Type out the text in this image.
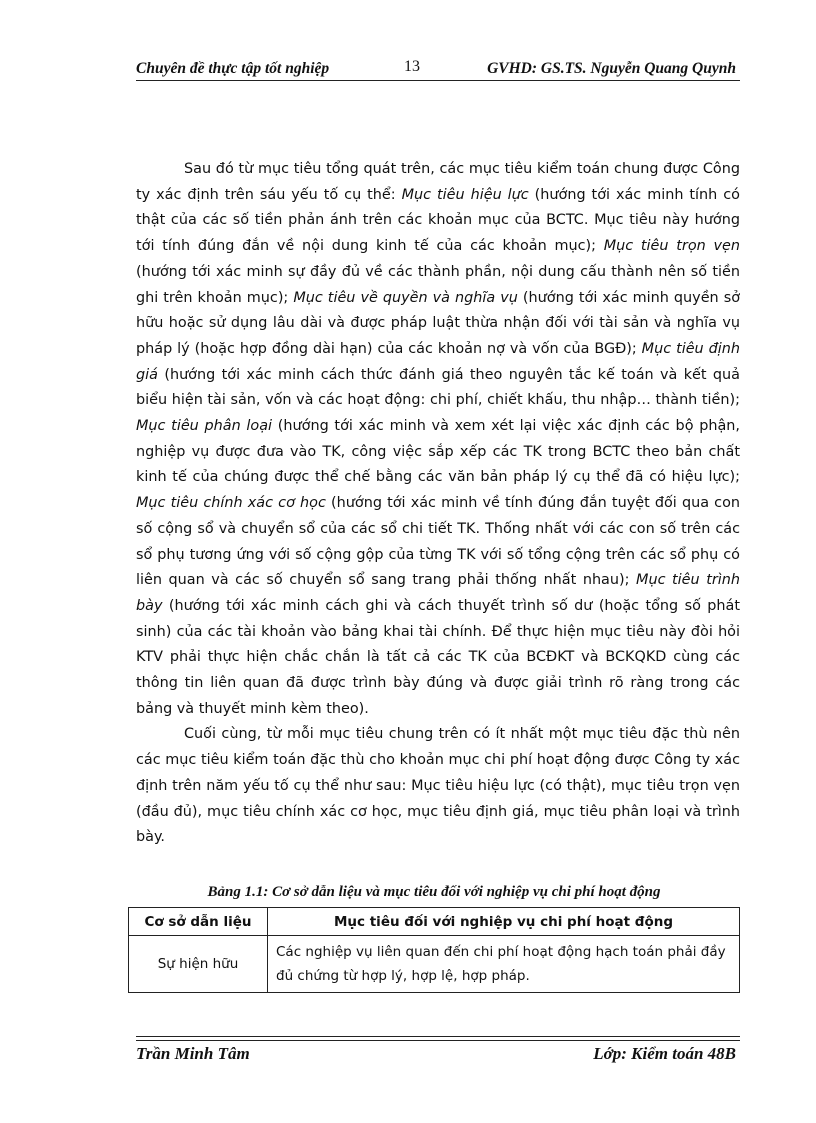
Chuyên đề thực tập tốt nghiệp	13	GVHD: GS.TS. Nguyễn Quang Quynh

Sau đó từ mục tiêu tổng quát trên, các mục tiêu kiểm toán chung được Công ty xác định trên sáu yếu tố cụ thể: Mục tiêu hiệu lực (hướng tới xác minh tính có thật của các số tiền phản ánh trên các khoản mục của BCTC. Mục tiêu này hướng tới tính đúng đắn về nội dung kinh tế của các khoản mục); Mục tiêu trọn vẹn (hướng tới xác minh sự đầy đủ về các thành phần, nội dung cấu thành nên số tiền ghi trên khoản mục); Mục tiêu về quyền và nghĩa vụ (hướng tới xác minh quyền sở hữu hoặc sử dụng lâu dài và được pháp luật thừa nhận đối với tài sản và nghĩa vụ pháp lý (hoặc hợp đồng dài hạn) của các khoản nợ và vốn của BGĐ); Mục tiêu định giá (hướng tới xác minh cách thức đánh giá theo nguyên tắc kế toán và kết quả biểu hiện tài sản, vốn và các hoạt động: chi phí, chiết khấu, thu nhập… thành tiền); Mục tiêu phân loại (hướng tới xác minh và xem xét lại việc xác định các bộ phận, nghiệp vụ được đưa vào TK, công việc sắp xếp các TK trong BCTC theo bản chất kinh tế của chúng được thể chế bằng các văn bản pháp lý cụ thể đã có hiệu lực); Mục tiêu chính xác cơ học (hướng tới xác minh về tính đúng đắn tuyệt đối qua con số cộng sổ và chuyển sổ của các sổ chi tiết TK. Thống nhất với các con số trên các sổ phụ tương ứng với số cộng gộp của từng TK với số tổng cộng trên các sổ phụ có liên quan và các số chuyển sổ sang trang phải thống nhất nhau); Mục tiêu trình bày (hướng tới xác minh cách ghi và cách thuyết trình số dư (hoặc tổng số phát sinh) của các tài khoản vào bảng khai tài chính. Để thực hiện mục tiêu này đòi hỏi KTV phải thực hiện chắc chắn là tất cả các TK của BCĐKT và BCKQKD cùng các thông tin liên quan đã được trình bày đúng và được giải trình rõ ràng trong các bảng và thuyết minh kèm theo).

Cuối cùng, từ mỗi mục tiêu chung trên có ít nhất một mục tiêu đặc thù nên các mục tiêu kiểm toán đặc thù cho khoản mục chi phí hoạt động được Công ty xác định trên năm yếu tố cụ thể như sau: Mục tiêu hiệu lực (có thật), mục tiêu trọn vẹn (đầu đủ), mục tiêu chính xác cơ học, mục tiêu định giá, mục tiêu phân loại và trình bày.

Bảng 1.1: Cơ sở dẫn liệu và mục tiêu đối với nghiệp vụ chi phí hoạt động
Cơ sở dẫn liệu	Mục tiêu đối với nghiệp vụ chi phí hoạt động
Sự hiện hữu	Các nghiệp vụ liên quan đến chi phí hoạt động hạch toán phải đầy đủ chứng từ hợp lý, hợp lệ, hợp pháp.
Trần Minh Tâm	Lớp: Kiểm toán 48B
